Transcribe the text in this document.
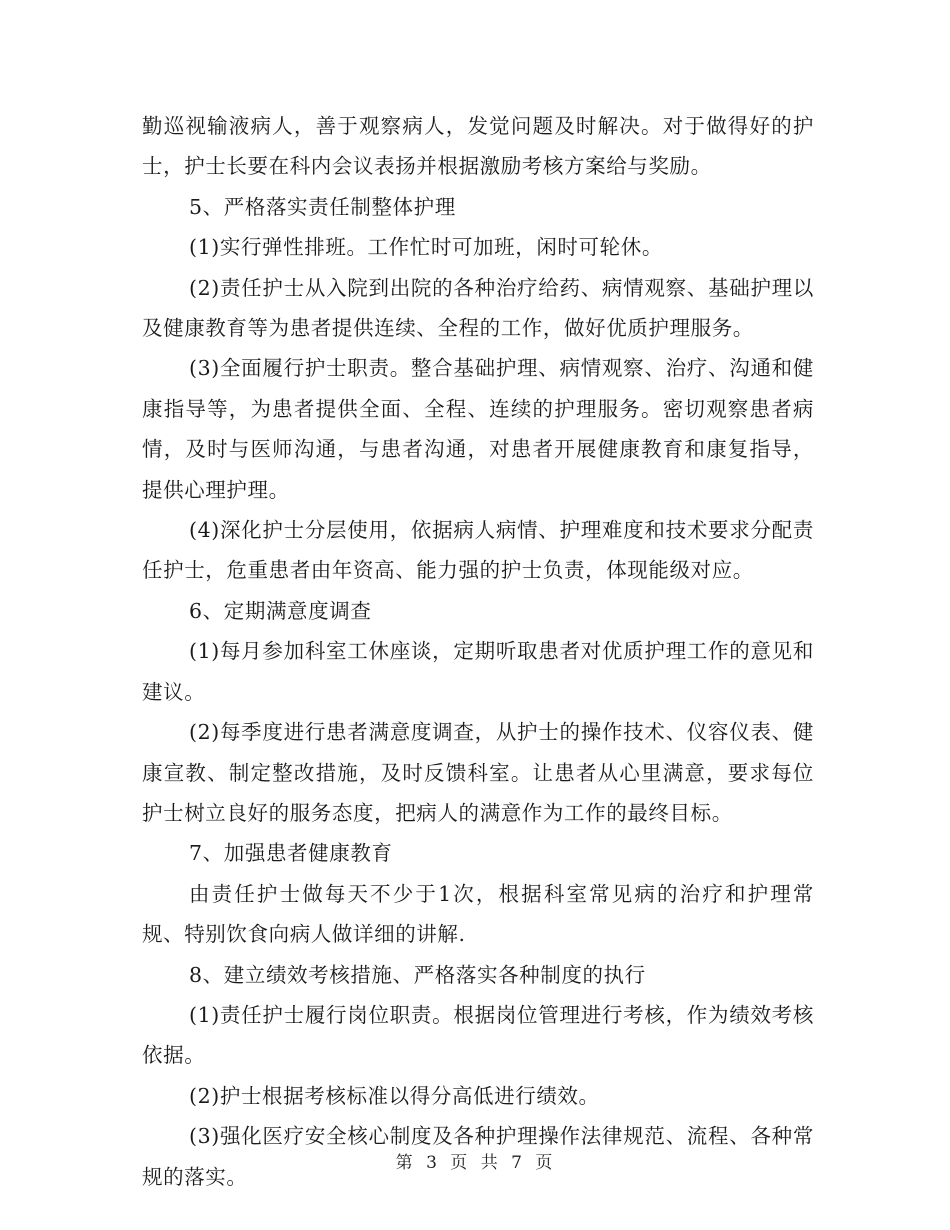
勤巡视输液病人，善于观察病人，发觉问题及时解决。对于做得好的护士，护士长要在科内会议表扬并根据激励考核方案给与奖励。

5、严格落实责任制整体护理

(1)实行弹性排班。工作忙时可加班，闲时可轮休。

(2)责任护士从入院到出院的各种治疗给药、病情观察、基础护理以及健康教育等为患者提供连续、全程的工作，做好优质护理服务。

(3)全面履行护士职责。整合基础护理、病情观察、治疗、沟通和健康指导等，为患者提供全面、全程、连续的护理服务。密切观察患者病情，及时与医师沟通，与患者沟通，对患者开展健康教育和康复指导，提供心理护理。

(4)深化护士分层使用，依据病人病情、护理难度和技术要求分配责任护士，危重患者由年资高、能力强的护士负责，体现能级对应。

6、定期满意度调查

(1)每月参加科室工休座谈，定期听取患者对优质护理工作的意见和建议。

(2)每季度进行患者满意度调查，从护士的操作技术、仪容仪表、健康宣教、制定整改措施，及时反馈科室。让患者从心里满意，要求每位护士树立良好的服务态度，把病人的满意作为工作的最终目标。

7、加强患者健康教育

由责任护士做每天不少于1次，根据科室常见病的治疗和护理常规、特别饮食向病人做详细的讲解.

8、建立绩效考核措施、严格落实各种制度的执行

(1)责任护士履行岗位职责。根据岗位管理进行考核，作为绩效考核依据。

(2)护士根据考核标准以得分高低进行绩效。

(3)强化医疗安全核心制度及各种护理操作法律规范、流程、各种常规的落实。

第 3 页 共 7 页
